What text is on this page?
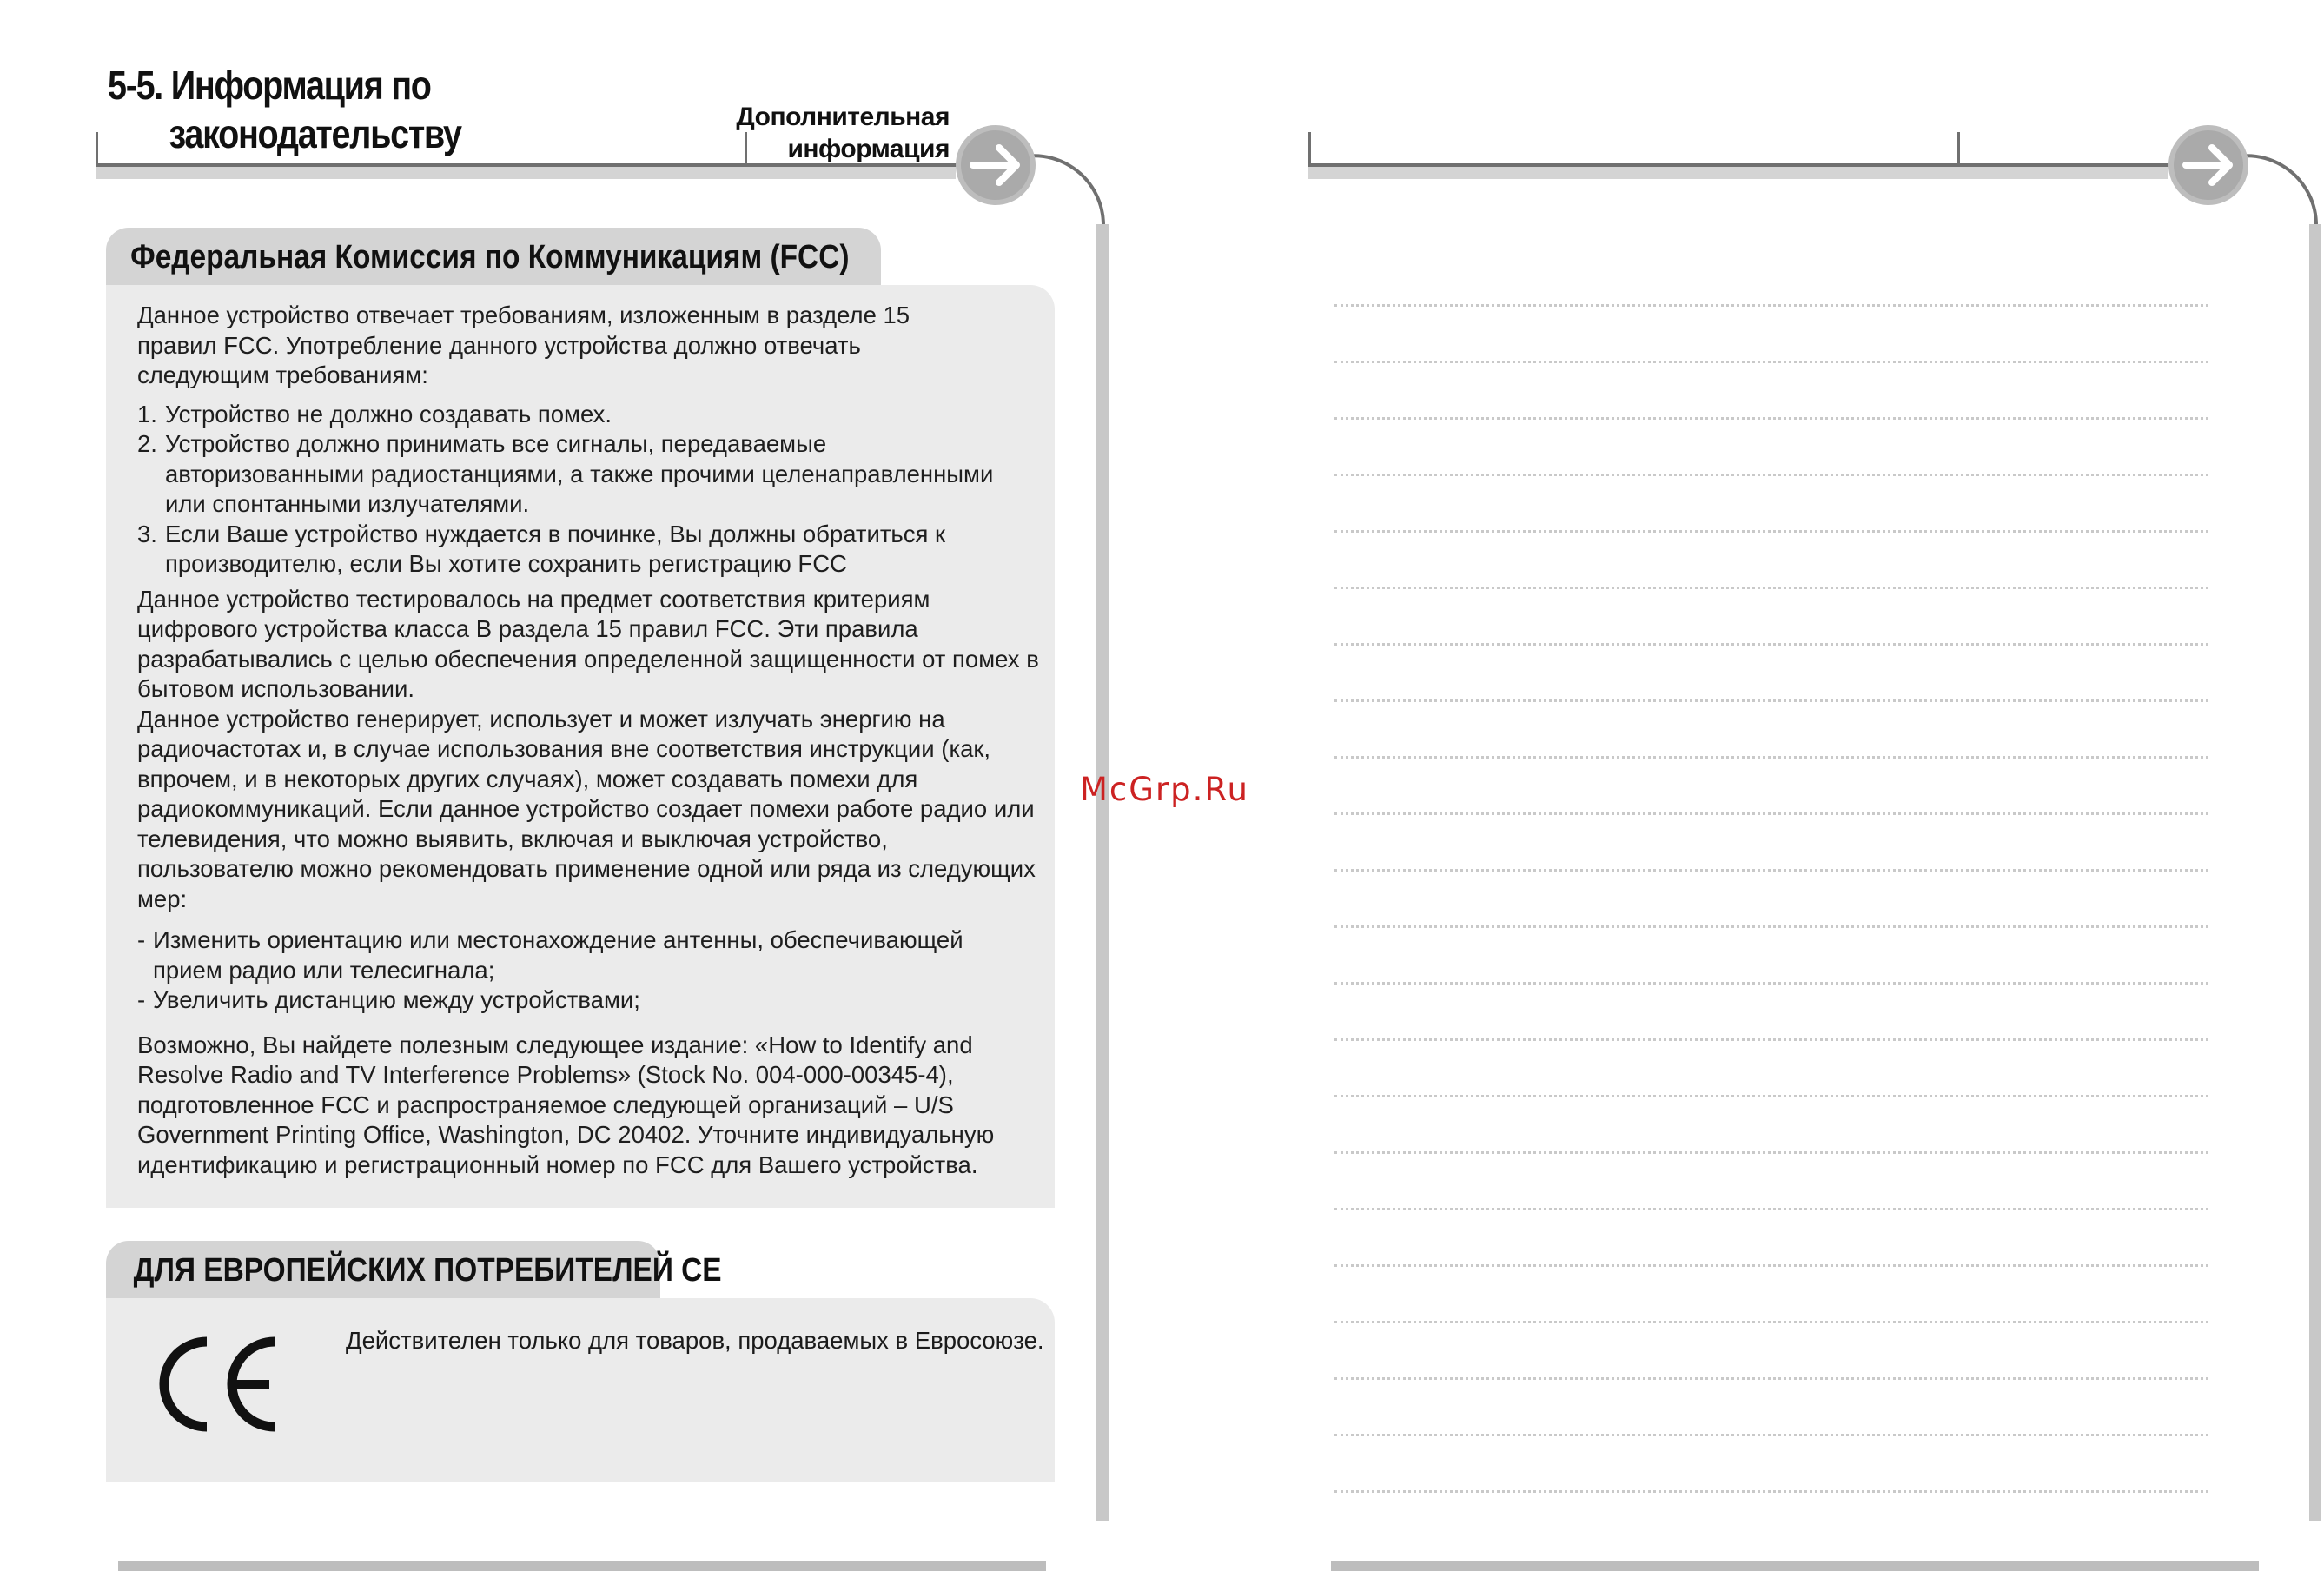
5-5. Информация по
законодательству	Дополнительная
информация
Федеральная Комиссия по Коммуникациям (FCC)

Данное устройство отвечает требованиям, изложенным в разделе 15

правил FCC. Употребление данного устройства должно отвечать

следующим требованиям:

1. Устройство не должно создавать помех.

2. Устройство должно принимать все сигналы, передаваемые

авторизованными радиостанциями, а также прочими целенаправленными

или спонтанными излучателями.

3. Если Ваше устройство нуждается в починке, Вы должны обратиться к

производителю, если Вы хотите сохранить регистрацию FCC

Данное устройство тестировалось на предмет соответствия критериям

цифрового устройства класса В раздела 15 правил FCC. Эти правила

разрабатывались с целью обеспечения определенной защищенности от помех в

бытовом использовании.

Данное устройство генерирует, использует и может излучать энергию на

радиочастотах и, в случае использования вне соответствия инструкции (как,

впрочем, и в некоторых других случаях), может создавать помехи для

радиокоммуникаций. Если данное устройство создает помехи работе радио или

телевидения, что можно выявить, включая и выключая устройство,

пользователю можно рекомендовать применение одной или ряда из следующих

мер:

- Изменить ориентацию или местонахождение антенны, обеспечивающей

прием радио или телесигнала;

- Увеличить дистанцию между устройствами;

Возможно, Вы найдете полезным следующее издание: «How to Identify and

Resolve Radio and TV Interference Problems» (Stock No. 004-000-00345-4),

подготовленное FCC и распространяемое следующей организаций – U/S

Government Printing Office, Washington, DC 20402. Уточните индивидуальную

идентификацию и регистрационный номер по FCC для Вашего устройства.

ДЛЯ ЕВРОПЕЙСКИХ ПОТРЕБИТЕЛЕЙ CE
Действителен только для товаров, продаваемых в Евросоюзе.
McGrp.Ru
